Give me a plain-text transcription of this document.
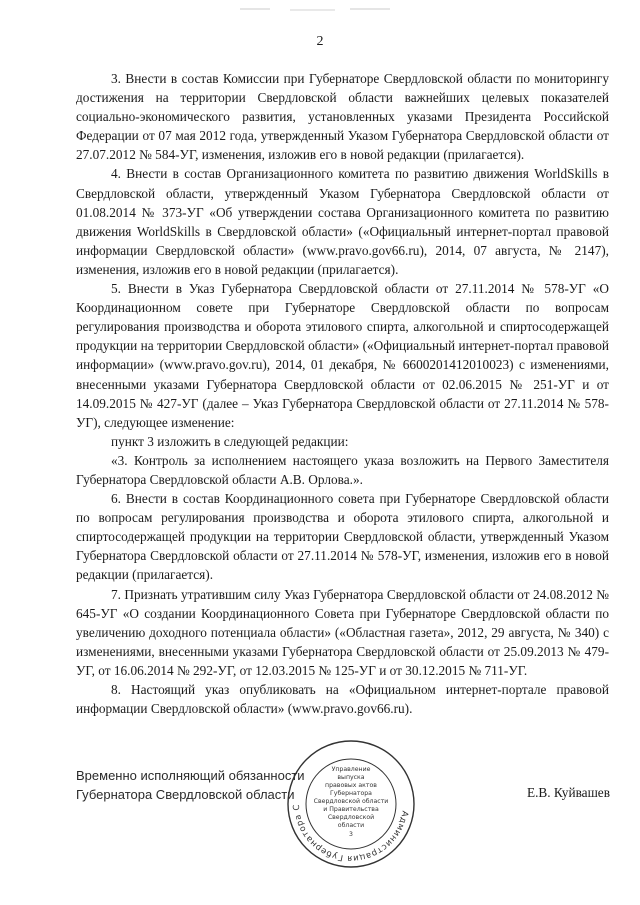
2

3. Внести в состав Комиссии при Губернаторе Свердловской области по мониторингу достижения на территории Свердловской области важнейших целевых показателей социально-экономического развития, установленных указами Президента Российской Федерации от 07 мая 2012 года, утвержденный Указом Губернатора Свердловской области от 27.07.2012 № 584-УГ, изменения, изложив его в новой редакции (прилагается).

4. Внести в состав Организационного комитета по развитию движения WorldSkills в Свердловской области, утвержденный Указом Губернатора Свердловской области от 01.08.2014 № 373-УГ «Об утверждении состава Организационного комитета по развитию движения WorldSkills в Свердловской области» («Официальный интернет-портал правовой информации Свердловской области» (www.pravo.gov66.ru), 2014, 07 августа, № 2147), изменения, изложив его в новой редакции (прилагается).

5. Внести в Указ Губернатора Свердловской области от 27.11.2014 № 578-УГ «О Координационном совете при Губернаторе Свердловской области по вопросам регулирования производства и оборота этилового спирта, алкогольной и спиртосодержащей продукции на территории Свердловской области» («Официальный интернет-портал правовой информации» (www.pravo.gov.ru), 2014, 01 декабря, № 6600201412010023) с изменениями, внесенными указами Губернатора Свердловской области от 02.06.2015 № 251-УГ и от 14.09.2015 № 427-УГ (далее – Указ Губернатора Свердловской области от 27.11.2014 № 578-УГ), следующее изменение:

пункт 3 изложить в следующей редакции:

«3. Контроль за исполнением настоящего указа возложить на Первого Заместителя Губернатора Свердловской области А.В. Орлова.».

6. Внести в состав Координационного совета при Губернаторе Свердловской области по вопросам регулирования производства и оборота этилового спирта, алкогольной и спиртосодержащей продукции на территории Свердловской области, утвержденный Указом Губернатора Свердловской области от 27.11.2014 № 578-УГ, изменения, изложив его в новой редакции (прилагается).

7. Признать утратившим силу Указ Губернатора Свердловской области от 24.08.2012 № 645-УГ «О создании Координационного Совета при Губернаторе Свердловской области по увеличению доходного потенциала области» («Областная газета», 2012, 29 августа, № 340) с изменениями, внесенными указами Губернатора Свердловской области от 25.09.2013 № 479-УГ, от 16.06.2014 № 292-УГ, от 12.03.2015 № 125-УГ и от 30.12.2015 № 711-УГ.

8. Настоящий указ опубликовать на «Официальном интернет-портале правовой информации Свердловской области» (www.pravo.gov66.ru).

Временно исполняющий обязанности
Губернатора Свердловской области	Е.В. Куйвашев
Администрация Губернатора С
Управление
выпуска
правовых актов
Губернатора
Свердловской области
и Правительства
Свердловской
области
3
